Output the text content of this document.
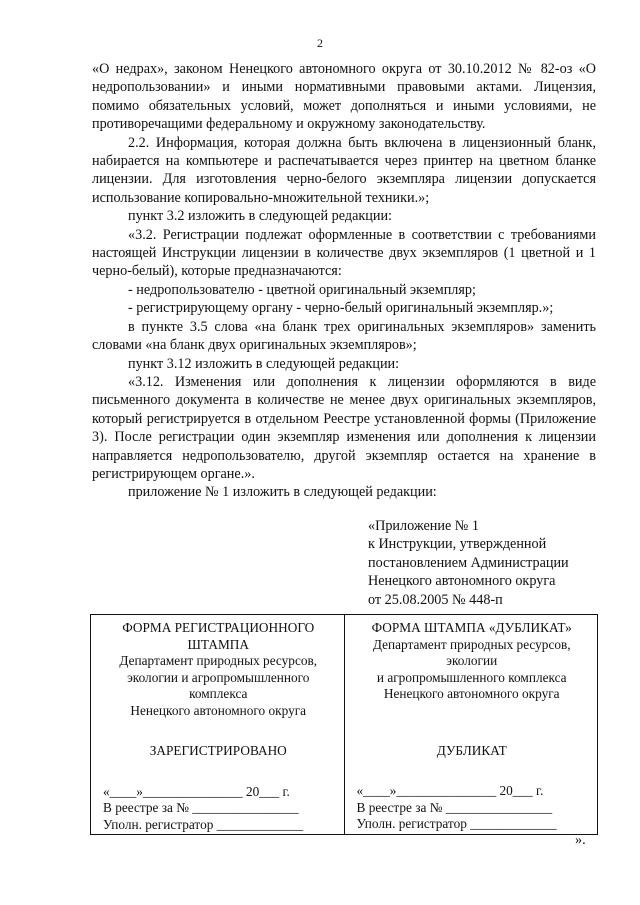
2

«О недрах», законом Ненецкого автономного округа от 30.10.2012 № 82-оз «О недропользовании» и иными нормативными правовыми актами. Лицензия, помимо обязательных условий, может дополняться и иными условиями, не противоречащими федеральному и окружному законодательству.

2.2. Информация, которая должна быть включена в лицензионный бланк, набирается на компьютере и распечатывается через принтер на цветном бланке лицензии. Для изготовления черно-белого экземпляра лицензии допускается использование копировально-множительной техники.»;

пункт 3.2 изложить в следующей редакции:

«3.2. Регистрации подлежат оформленные в соответствии с требованиями настоящей Инструкции лицензии в количестве двух экземпляров (1 цветной и 1 черно-белый), которые предназначаются:

- недропользователю - цветной оригинальный экземпляр;

- регистрирующему органу - черно-белый оригинальный экземпляр.»;

в пункте 3.5 слова «на бланк трех оригинальных экземпляров» заменить словами «на бланк двух оригинальных экземпляров»;

пункт 3.12 изложить в следующей редакции:

«3.12. Изменения или дополнения к лицензии оформляются в виде письменного документа в количестве не менее двух оригинальных экземпляров, который регистрируется в отдельном Реестре установленной формы (Приложение 3). После регистрации один экземпляр изменения или дополнения к лицензии направляется недропользователю, другой экземпляр остается на хранение в регистрирующем органе.».

приложение № 1 изложить в следующей редакции:

«Приложение № 1
к Инструкции, утвержденной
постановлением Администрации
Ненецкого автономного округа
от 25.08.2005 № 448-п
ФОРМА РЕГИСТРАЦИОННОГО
ШТАМПА
Департамент природных ресурсов,
экологии и агропромышленного
комплекса
Ненецкого автономного округа
ЗАРЕГИСТРИРОВАНО
«____»_______________ 20___ г.
В реестре за № ________________
Уполн. регистратор _____________
ФОРМА ШТАМПА «ДУБЛИКАТ»
Департамент природных ресурсов,
экологии
и агропромышленного комплекса
Ненецкого автономного округа
ДУБЛИКАТ
«____»_______________ 20___ г.
В реестре за № ________________
Уполн. регистратор _____________
».
